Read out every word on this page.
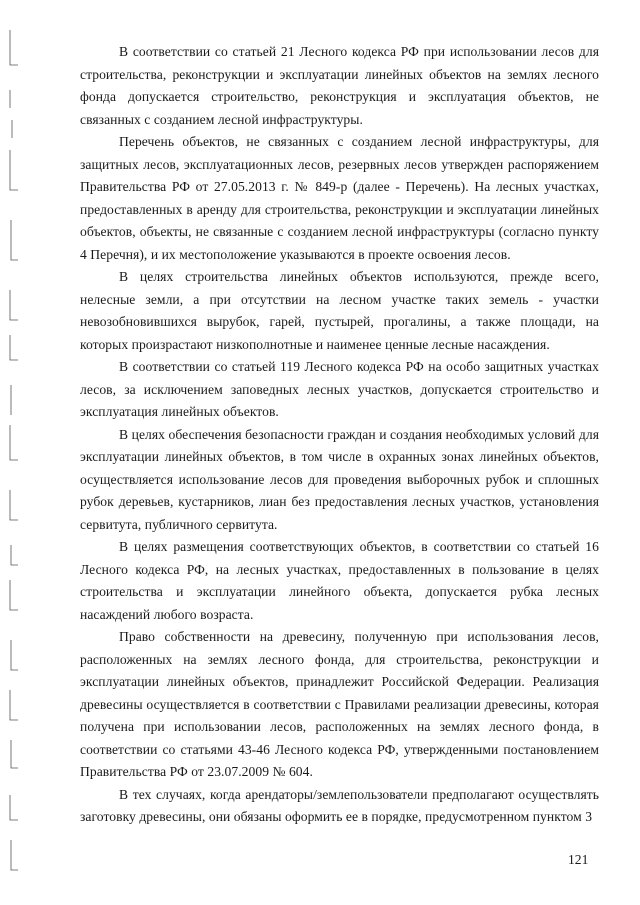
В соответствии со статьей 21 Лесного кодекса РФ при использовании лесов для строительства, реконструкции и эксплуатации линейных объектов на землях лесного фонда допускается строительство, реконструкция и эксплуатация объектов, не связанных с созданием лесной инфраструктуры.

Перечень объектов, не связанных с созданием лесной инфраструктуры, для защитных лесов, эксплуатационных лесов, резервных лесов утвержден распоряжением Правительства РФ от 27.05.2013 г. № 849-р (далее - Перечень). На лесных участках, предоставленных в аренду для строительства, реконструкции и эксплуатации линейных объектов, объекты, не связанные с созданием лесной инфраструктуры (согласно пункту 4 Перечня), и их местоположение указываются в проекте освоения лесов.

В целях строительства линейных объектов используются, прежде всего, нелесные земли, а при отсутствии на лесном участке таких земель - участки невозобновившихся вырубок, гарей, пустырей, прогалины, а также площади, на которых произрастают низкополнотные и наименее ценные лесные насаждения.

В соответствии со статьей 119 Лесного кодекса РФ на особо защитных участках лесов, за исключением заповедных лесных участков, допускается строительство и эксплуатация линейных объектов.

В целях обеспечения безопасности граждан и создания необходимых условий для эксплуатации линейных объектов, в том числе в охранных зонах линейных объектов, осуществляется использование лесов для проведения выборочных рубок и сплошных рубок деревьев, кустарников, лиан без предоставления лесных участков, установления сервитута, публичного сервитута.

В целях размещения соответствующих объектов, в соответствии со статьей 16 Лесного кодекса РФ, на лесных участках, предоставленных в пользование в целях строительства и эксплуатации линейного объекта, допускается рубка лесных насаждений любого возраста.

Право собственности на древесину, полученную при использования лесов, расположенных на землях лесного фонда, для строительства, реконструкции и эксплуатации линейных объектов, принадлежит Российской Федерации. Реализация древесины осуществляется в соответствии с Правилами реализации древесины, которая получена при использовании лесов, расположенных на землях лесного фонда, в соответствии со статьями 43-46 Лесного кодекса РФ, утвержденными постановлением Правительства РФ от 23.07.2009 № 604.

В тех случаях, когда арендаторы/землепользователи предполагают осуществлять заготовку древесины, они обязаны оформить ее в порядке, предусмотренном пунктом 3

121
